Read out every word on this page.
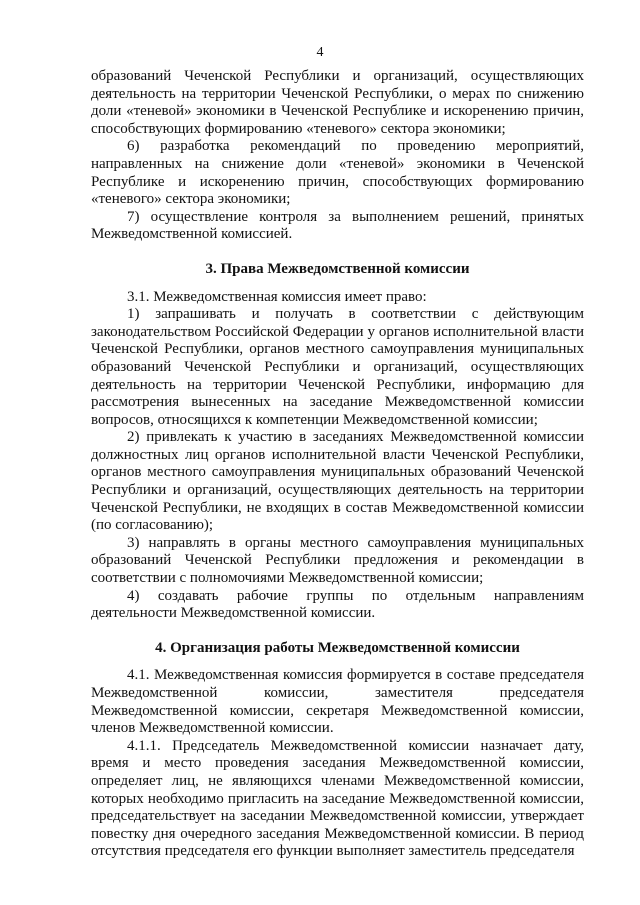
4

образований Чеченской Республики и организаций, осуществляющих деятельность на территории Чеченской Республики, о мерах по снижению доли «теневой» экономики в Чеченской Республике и искоренению причин, способствующих формированию «теневого» сектора экономики;

6) разработка рекомендаций по проведению мероприятий, направленных на снижение доли «теневой» экономики в Чеченской Республике и искоренению причин, способствующих формированию «теневого» сектора экономики;

7) осуществление контроля за выполнением решений, принятых Межведомственной комиссией.

3. Права Межведомственной комиссии

3.1. Межведомственная комиссия имеет право:

1) запрашивать и получать в соответствии с действующим законодательством Российской Федерации у органов исполнительной власти Чеченской Республики, органов местного самоуправления муниципальных образований Чеченской Республики и организаций, осуществляющих деятельность на территории Чеченской Республики, информацию для рассмотрения вынесенных на заседание Межведомственной комиссии вопросов, относящихся к компетенции Межведомственной комиссии;

2) привлекать к участию в заседаниях Межведомственной комиссии должностных лиц органов исполнительной власти Чеченской Республики, органов местного самоуправления муниципальных образований Чеченской Республики и организаций, осуществляющих деятельность на территории Чеченской Республики, не входящих в состав Межведомственной комиссии (по согласованию);

3) направлять в органы местного самоуправления муниципальных образований Чеченской Республики предложения и рекомендации в соответствии с полномочиями Межведомственной комиссии;

4) создавать рабочие группы по отдельным направлениям деятельности Межведомственной комиссии.

4. Организация работы Межведомственной комиссии

4.1. Межведомственная комиссия формируется в составе председателя Межведомственной комиссии, заместителя председателя Межведомственной комиссии, секретаря Межведомственной комиссии, членов Межведомственной комиссии.

4.1.1. Председатель Межведомственной комиссии назначает дату, время и место проведения заседания Межведомственной комиссии, определяет лиц, не являющихся членами Межведомственной комиссии, которых необходимо пригласить на заседание Межведомственной комиссии, председательствует на заседании Межведомственной комиссии, утверждает повестку дня очередного заседания Межведомственной комиссии. В период отсутствия председателя его функции выполняет заместитель председателя
